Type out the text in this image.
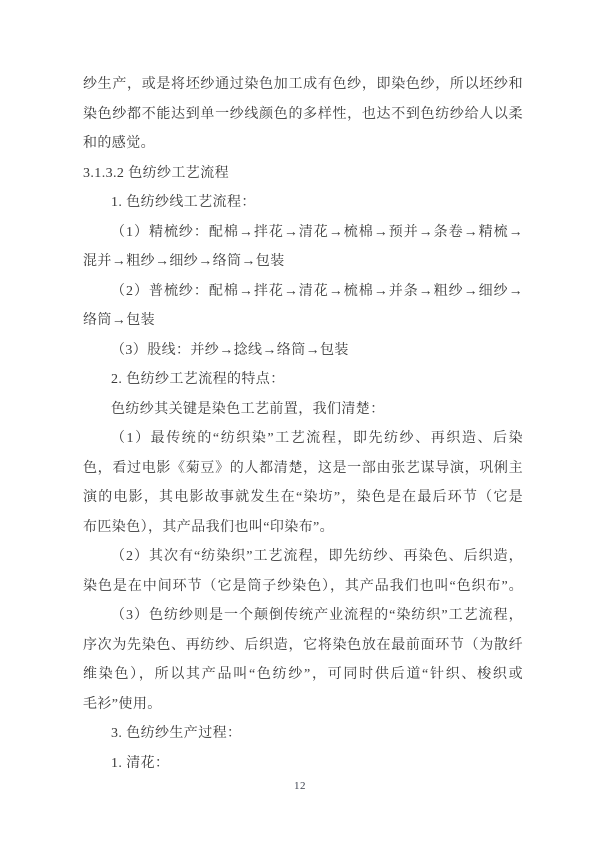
纱生产，或是将坯纱通过染色加工成有色纱，即染色纱，所以坯纱和
染色纱都不能达到单一纱线颜色的多样性，也达不到色纺纱给人以柔
和的感觉。
3.1.3.2 色纺纱工艺流程
1. 色纺纱线工艺流程：
（1）精梳纱：配棉→拌花→清花→梳棉→预并→条卷→精梳→
混并→粗纱→细纱→络筒→包装
（2）普梳纱：配棉→拌花→清花→梳棉→并条→粗纱→细纱→
络筒→包装
（3）股线：并纱→捻线→络筒→包装
2. 色纺纱工艺流程的特点：
色纺纱其关键是染色工艺前置，我们清楚：
（1）最传统的“纺织染”工艺流程，即先纺纱、再织造、后染
色，看过电影《菊豆》的人都清楚，这是一部由张艺谋导演，巩俐主
演的电影，其电影故事就发生在“染坊”，染色是在最后环节（它是
布匹染色），其产品我们也叫“印染布”。
（2）其次有“纺染织”工艺流程，即先纺纱、再染色、后织造，
染色是在中间环节（它是筒子纱染色），其产品我们也叫“色织布”。
（3）色纺纱则是一个颠倒传统产业流程的“染纺织”工艺流程，
序次为先染色、再纺纱、后织造，它将染色放在最前面环节（为散纤
维染色），所以其产品叫“色纺纱”，可同时供后道“针织、梭织或
毛衫”使用。
3. 色纺纱生产过程：
1. 清花：
12
